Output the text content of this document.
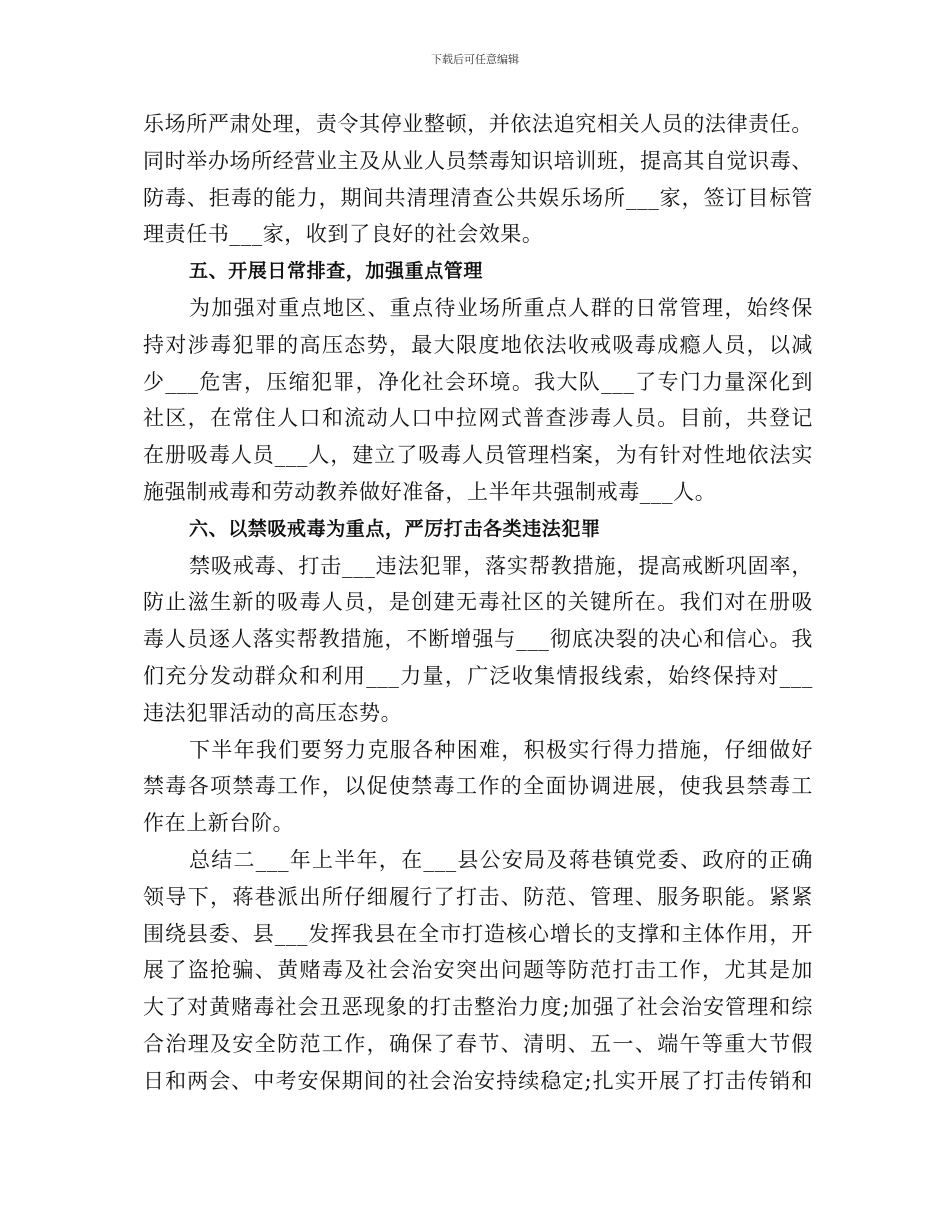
下载后可任意编辑
乐场所严肃处理，责令其停业整顿，并依法追究相关人员的法律责任。
同时举办场所经营业主及从业人员禁毒知识培训班，提高其自觉识毒、
防毒、拒毒的能力，期间共清理清查公共娱乐场所___家，签订目标管
理责任书___家，收到了良好的社会效果。
五、开展日常排查，加强重点管理
为加强对重点地区、重点待业场所重点人群的日常管理，始终保
持对涉毒犯罪的高压态势，最大限度地依法收戒吸毒成瘾人员，以减
少___危害，压缩犯罪，净化社会环境。我大队___了专门力量深化到
社区，在常住人口和流动人口中拉网式普查涉毒人员。目前，共登记
在册吸毒人员___人，建立了吸毒人员管理档案，为有针对性地依法实
施强制戒毒和劳动教养做好准备，上半年共强制戒毒___人。
六、以禁吸戒毒为重点，严厉打击各类违法犯罪
禁吸戒毒、打击___违法犯罪，落实帮教措施，提高戒断巩固率，
防止滋生新的吸毒人员，是创建无毒社区的关键所在。我们对在册吸
毒人员逐人落实帮教措施，不断增强与___彻底决裂的决心和信心。我
们充分发动群众和利用___力量，广泛收集情报线索，始终保持对___
违法犯罪活动的高压态势。
下半年我们要努力克服各种困难，积极实行得力措施，仔细做好
禁毒各项禁毒工作，以促使禁毒工作的全面协调进展，使我县禁毒工
作在上新台阶。
总结二___年上半年，在___县公安局及蒋巷镇党委、政府的正确
领导下，蒋巷派出所仔细履行了打击、防范、管理、服务职能。紧紧
围绕县委、县___发挥我县在全市打造核心增长的支撑和主体作用，开
展了盗抢骗、黄赌毒及社会治安突出问题等防范打击工作，尤其是加
大了对黄赌毒社会丑恶现象的打击整治力度;加强了社会治安管理和综
合治理及安全防范工作，确保了春节、清明、五一、端午等重大节假
日和两会、中考安保期间的社会治安持续稳定;扎实开展了打击传销和
